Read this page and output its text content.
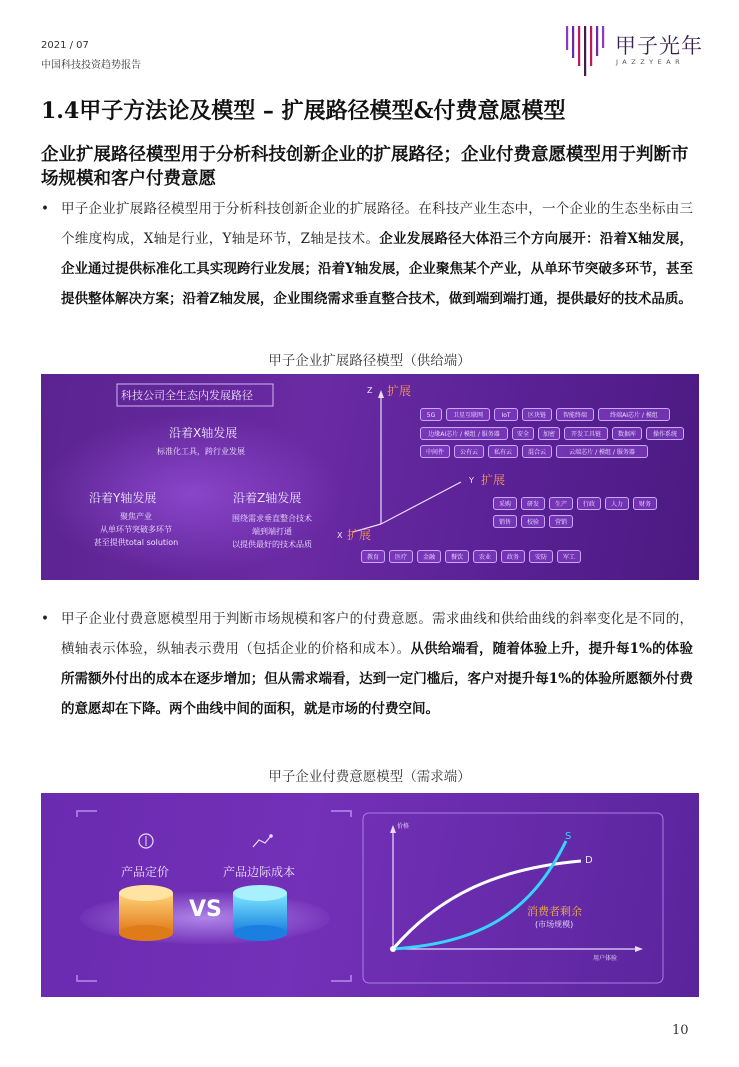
2021 / 07
中国科技投资趋势报告
甲子光年
JAZZYEAR
1.4甲子方法论及模型 – 扩展路径模型&付费意愿模型
企业扩展路径模型用于分析科技创新企业的扩展路径；企业付费意愿模型用于判断市场规模和客户付费意愿
• 甲子企业扩展路径模型用于分析科技创新企业的扩展路径。在科技产业生态中，一个企业的生态坐标由三个维度构成，X轴是行业，Y轴是环节，Z轴是技术。企业发展路径大体沿三个方向展开：沿着X轴发展，企业通过提供标准化工具实现跨行业发展；沿着Y轴发展，企业聚焦某个产业，从单环节突破多环节，甚至提供整体解决方案；沿着Z轴发展，企业围绕需求垂直整合技术，做到端到端打通，提供最好的技术品质。
甲子企业扩展路径模型（供给端）
科技公司全生态内发展路径
沿着X轴发展
标准化工具，跨行业发展
沿着Y轴发展
聚焦产业
从单环节突破多环节
甚至提供total solution
沿着Z轴发展
围绕需求垂直整合技术
端到端打通
以提供最好的技术品质
Z 扩展
Y 扩展
X 扩展
5G	卫星互联网	IoT	区块链	智能终端	终端AI芯片 / 模组
边缘AI芯片 / 模组 / 服务器	安全	加密	开发工具链	数据库	操作系统
中间件	公有云	私有云	混合云	云端芯片 / 模组 / 服务器
采购	研发	生产	行政	人力	财务
销售	校验	营销
教育	医疗	金融	餐饮	农业	政务	安防	军工
• 甲子企业付费意愿模型用于判断市场规模和客户的付费意愿。需求曲线和供给曲线的斜率变化是不同的，横轴表示体验，纵轴表示费用（包括企业的价格和成本）。从供给端看，随着体验上升，提升每1%的体验所需额外付出的成本在逐步增加；但从需求端看，达到一定门槛后，客户对提升每1%的体验所愿额外付费的意愿却在下降。两个曲线中间的面积，就是市场的付费空间。
甲子企业付费意愿模型（需求端）
产品定价	产品边际成本
VS
价格
用户体验
S
D
消费者剩余
(市场规模)
10
